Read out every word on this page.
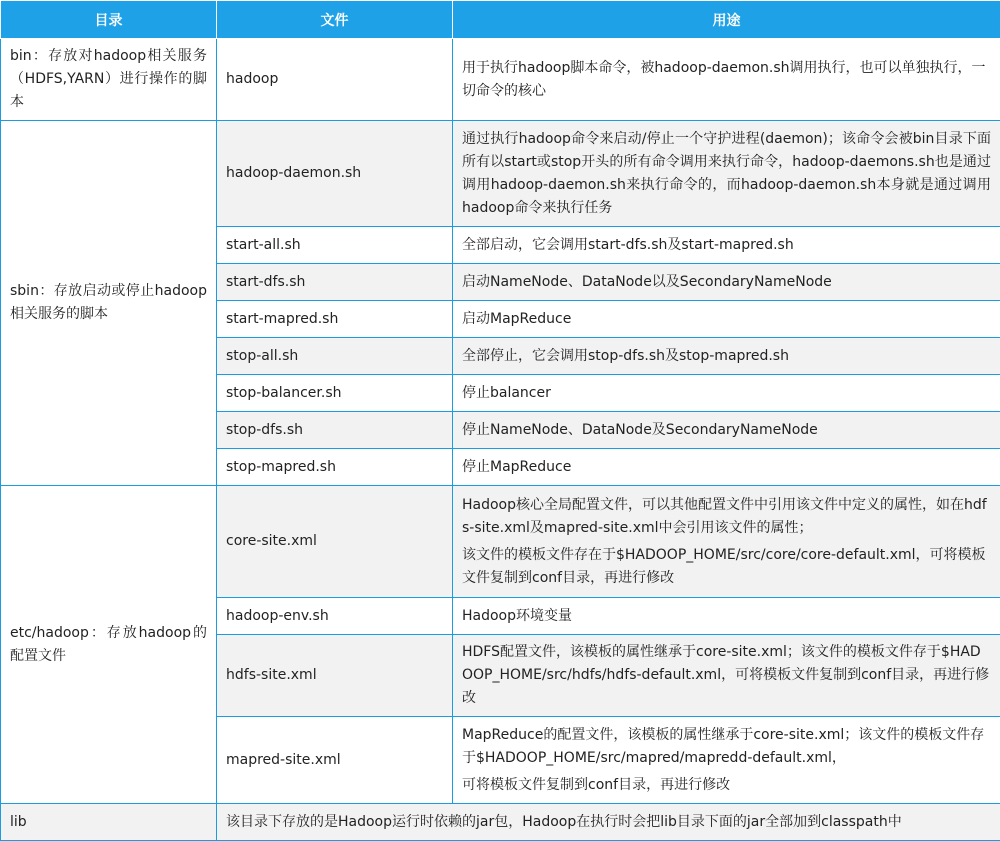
目录	文件	用途
bin：存放对hadoop相关服务（HDFS,YARN）进行操作的脚本	hadoop	用于执行hadoop脚本命令，被hadoop-daemon.sh调用执行，也可以单独执行，一切命令的核心

sbin：存放启动或停止hadoop相关服务的脚本	hadoop-daemon.sh	通过执行hadoop命令来启动/停止一个守护进程(daemon)；该命令会被bin目录下面所有以start或stop开头的所有命令调用来执行命令，hadoop-daemons.sh也是通过调用hadoop-daemon.sh来执行命令的，而hadoop-daemon.sh本身就是通过调用hadoop命令来执行任务

	start-all.sh	全部启动，它会调用start-dfs.sh及start-mapred.sh

	start-dfs.sh	启动NameNode、DataNode以及SecondaryNameNode

	start-mapred.sh	启动MapReduce

	stop-all.sh	全部停止，它会调用stop-dfs.sh及stop-mapred.sh

	stop-balancer.sh	停止balancer

	stop-dfs.sh	停止NameNode、DataNode及SecondaryNameNode

	stop-mapred.sh	停止MapReduce

etc/hadoop：存放hadoop的配置文件	core-site.xml	Hadoop核心全局配置文件，可以其他配置文件中引用该文件中定义的属性，如在hdfs-site.xml及mapred-site.xml中会引用该文件的属性；

该文件的模板文件存在于$HADOOP_HOME/src/core/core-default.xml，可将模板文件复制到conf目录，再进行修改

	hadoop-env.sh	Hadoop环境变量

	hdfs-site.xml	HDFS配置文件，该模板的属性继承于core-site.xml；该文件的模板文件存于$HADOOP_HOME/src/hdfs/hdfs-default.xml，可将模板文件复制到conf目录，再进行修改

	mapred-site.xml	MapReduce的配置文件，该模板的属性继承于core-site.xml；该文件的模板文件存于$HADOOP_HOME/src/mapred/mapredd-default.xml，

可将模板文件复制到conf目录，再进行修改

lib	该目录下存放的是Hadoop运行时依赖的jar包，Hadoop在执行时会把lib目录下面的jar全部加到classpath中	
